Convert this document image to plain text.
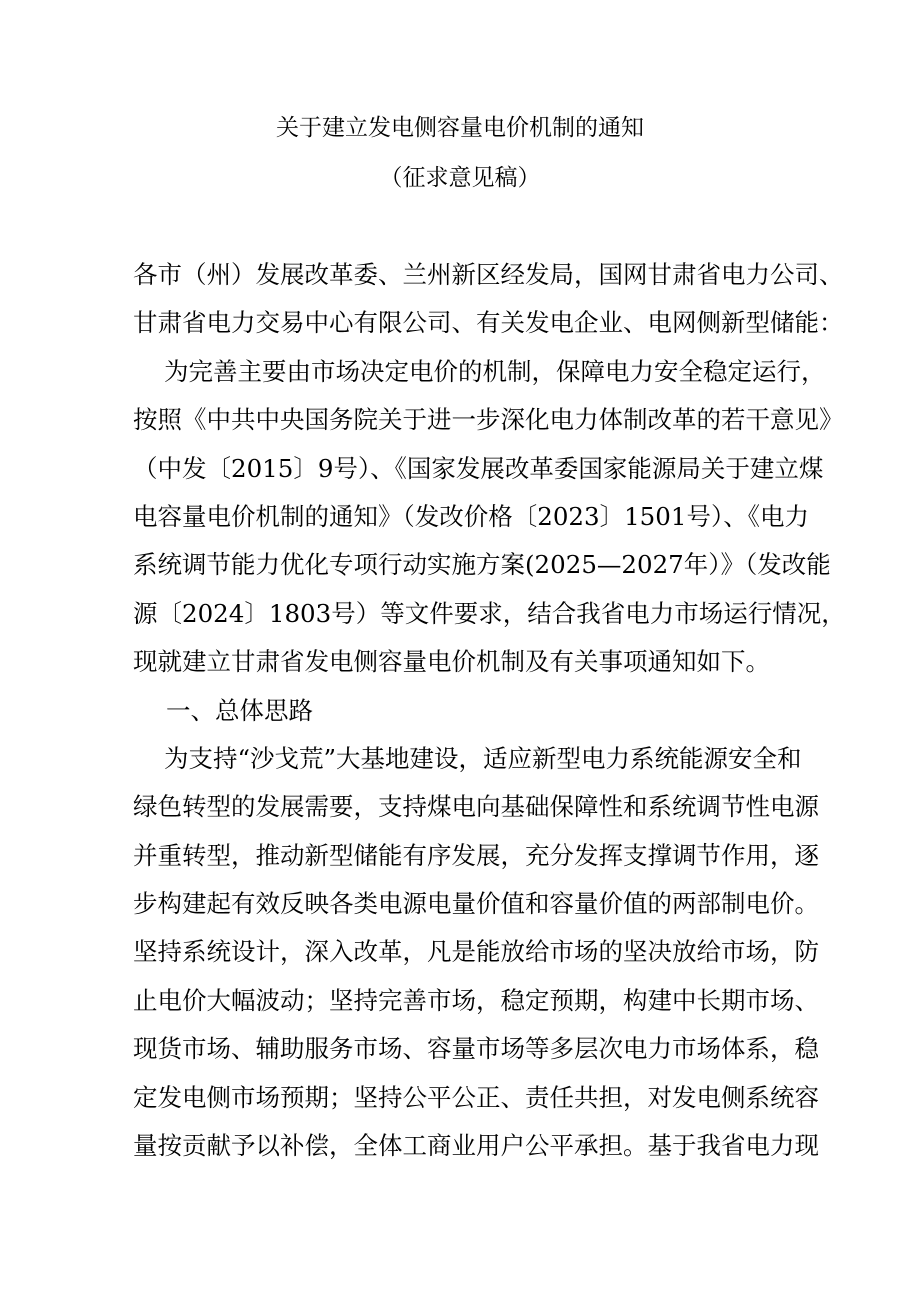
关于建立发电侧容量电价机制的通知
（征求意见稿）
各市（州）发展改革委、兰州新区经发局，国网甘肃省电力公司、
甘肃省电力交易中心有限公司、有关发电企业、电网侧新型储能：
为完善主要由市场决定电价的机制，保障电力安全稳定运行，
按照《中共中央国务院关于进一步深化电力体制改革的若干意见》
（中发〔2015〕9号）、《国家发展改革委国家能源局关于建立煤
电容量电价机制的通知》（发改价格〔2023〕1501号）、《电力
系统调节能力优化专项行动实施方案(2025—2027年）》（发改能
源〔2024〕1803号）等文件要求，结合我省电力市场运行情况，
现就建立甘肃省发电侧容量电价机制及有关事项通知如下。
一、总体思路
为支持“沙戈荒”大基地建设，适应新型电力系统能源安全和
绿色转型的发展需要，支持煤电向基础保障性和系统调节性电源
并重转型，推动新型储能有序发展，充分发挥支撑调节作用，逐
步构建起有效反映各类电源电量价值和容量价值的两部制电价。
坚持系统设计，深入改革，凡是能放给市场的坚决放给市场，防
止电价大幅波动；坚持完善市场，稳定预期，构建中长期市场、
现货市场、辅助服务市场、容量市场等多层次电力市场体系，稳
定发电侧市场预期；坚持公平公正、责任共担，对发电侧系统容
量按贡献予以补偿，全体工商业用户公平承担。基于我省电力现
